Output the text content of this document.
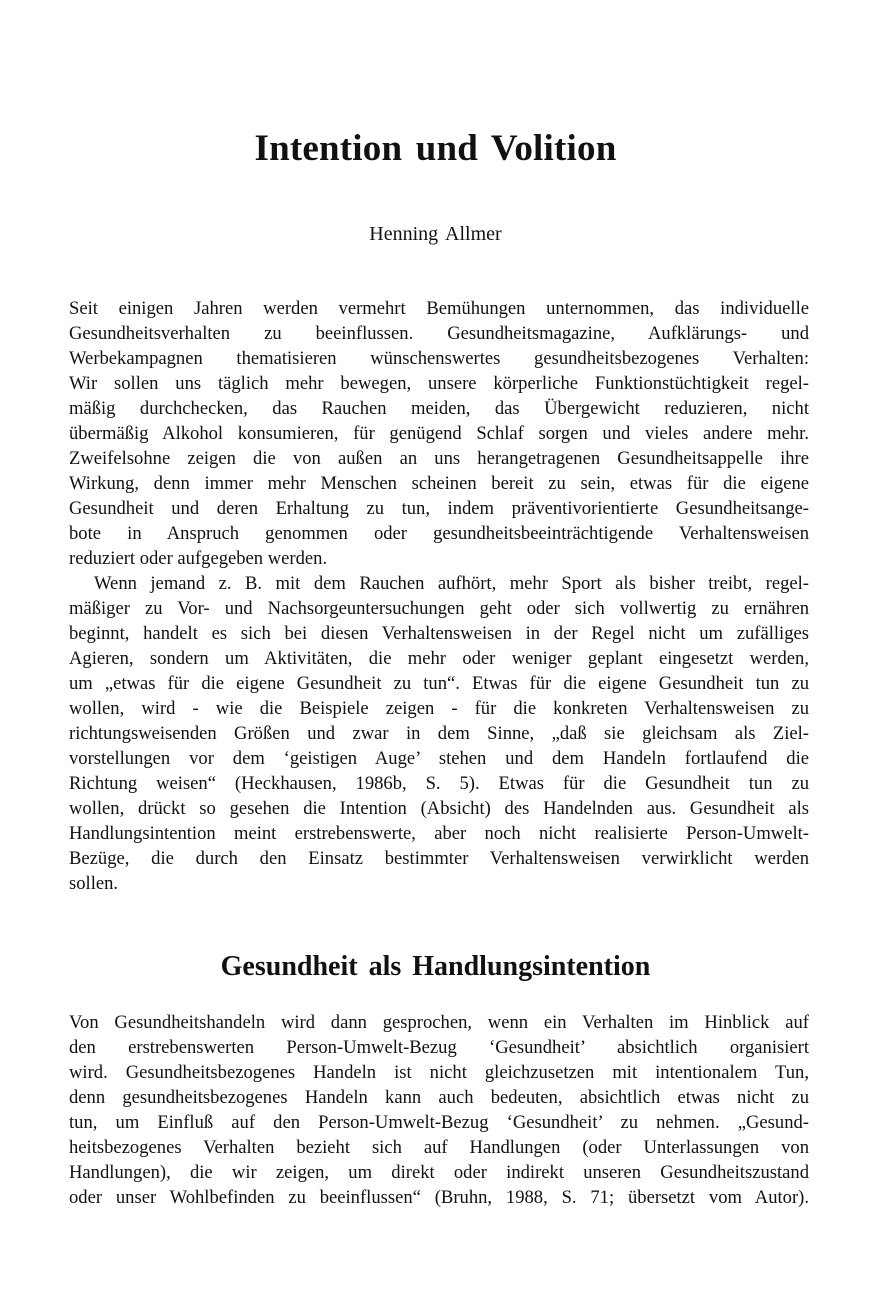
Intention und Volition
Henning Allmer
Seit einigen Jahren werden vermehrt Bemühungen unternommen, das individuelle
Gesundheitsverhalten zu beeinflussen. Gesundheitsmagazine, Aufklärungs- und
Werbekampagnen thematisieren wünschenswertes gesundheitsbezogenes Verhalten:
Wir sollen uns täglich mehr bewegen, unsere körperliche Funktionstüchtigkeit regel-
mäßig durchchecken, das Rauchen meiden, das Übergewicht reduzieren, nicht
übermäßig Alkohol konsumieren, für genügend Schlaf sorgen und vieles andere mehr.
Zweifelsohne zeigen die von außen an uns herangetragenen Gesundheitsappelle ihre
Wirkung, denn immer mehr Menschen scheinen bereit zu sein, etwas für die eigene
Gesundheit und deren Erhaltung zu tun, indem präventivorientierte Gesundheitsange-
bote in Anspruch genommen oder gesundheitsbeeinträchtigende Verhaltensweisen
reduziert oder aufgegeben werden.
Wenn jemand z. B. mit dem Rauchen aufhört, mehr Sport als bisher treibt, regel-
mäßiger zu Vor- und Nachsorgeuntersuchungen geht oder sich vollwertig zu ernähren
beginnt, handelt es sich bei diesen Verhaltensweisen in der Regel nicht um zufälliges
Agieren, sondern um Aktivitäten, die mehr oder weniger geplant eingesetzt werden,
um „etwas für die eigene Gesundheit zu tun“. Etwas für die eigene Gesundheit tun zu
wollen, wird - wie die Beispiele zeigen - für die konkreten Verhaltensweisen zu
richtungsweisenden Größen und zwar in dem Sinne, „daß sie gleichsam als Ziel-
vorstellungen vor dem ‘geistigen Auge’ stehen und dem Handeln fortlaufend die
Richtung weisen“ (Heckhausen, 1986b, S. 5). Etwas für die Gesundheit tun zu
wollen, drückt so gesehen die Intention (Absicht) des Handelnden aus. Gesundheit als
Handlungsintention meint erstrebenswerte, aber noch nicht realisierte Person-Umwelt-
Bezüge, die durch den Einsatz bestimmter Verhaltensweisen verwirklicht werden
sollen.
Gesundheit als Handlungsintention
Von Gesundheitshandeln wird dann gesprochen, wenn ein Verhalten im Hinblick auf
den erstrebenswerten Person-Umwelt-Bezug ‘Gesundheit’ absichtlich organisiert
wird. Gesundheitsbezogenes Handeln ist nicht gleichzusetzen mit intentionalem Tun,
denn gesundheitsbezogenes Handeln kann auch bedeuten, absichtlich etwas nicht zu
tun, um Einfluß auf den Person-Umwelt-Bezug ‘Gesundheit’ zu nehmen. „Gesund-
heitsbezogenes Verhalten bezieht sich auf Handlungen (oder Unterlassungen von
Handlungen), die wir zeigen, um direkt oder indirekt unseren Gesundheitszustand
oder unser Wohlbefinden zu beeinflussen“ (Bruhn, 1988, S. 71; übersetzt vom Autor).
